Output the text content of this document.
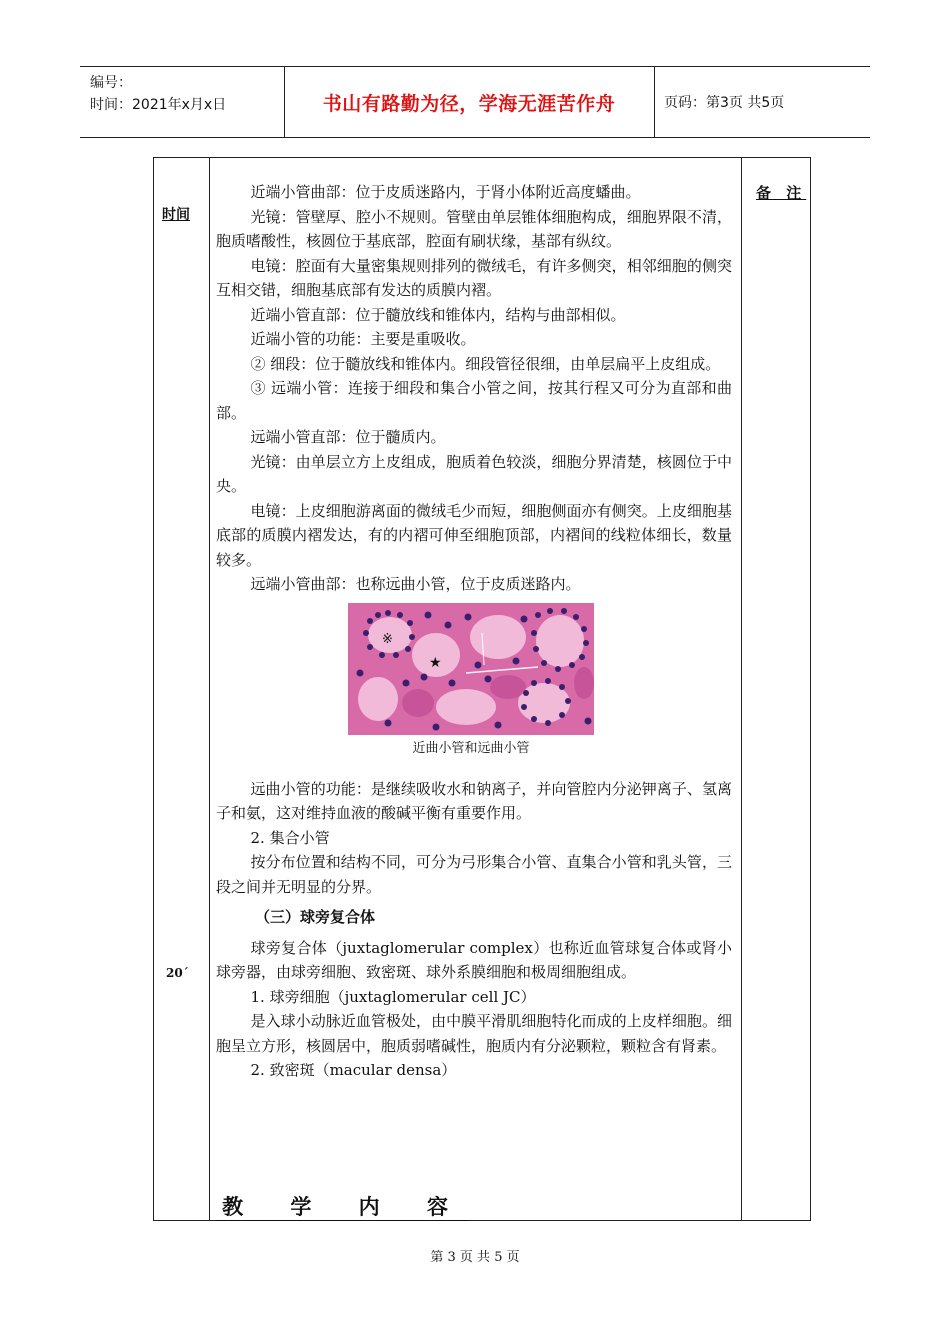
编号：
时间：2021年x月x日	书山有路勤为径，学海无涯苦作舟	页码：第3页 共5页
时间
20´
备 注

近端小管曲部：位于皮质迷路内，于肾小体附近高度蟠曲。

光镜：管壁厚、腔小不规则。管壁由单层锥体细胞构成，细胞界限不清，胞质嗜酸性，核圆位于基底部，腔面有刷状缘，基部有纵纹。

电镜：腔面有大量密集规则排列的微绒毛，有许多侧突，相邻细胞的侧突互相交错，细胞基底部有发达的质膜内褶。

近端小管直部：位于髓放线和锥体内，结构与曲部相似。

近端小管的功能：主要是重吸收。

② 细段：位于髓放线和锥体内。细段管径很细，由单层扁平上皮组成。

③ 远端小管：连接于细段和集合小管之间，按其行程又可分为直部和曲部。

远端小管直部：位于髓质内。

光镜：由单层立方上皮组成，胞质着色较淡，细胞分界清楚，核圆位于中央。

电镜：上皮细胞游离面的微绒毛少而短，细胞侧面亦有侧突。上皮细胞基底部的质膜内褶发达，有的内褶可伸至细胞顶部，内褶间的线粒体细长，数量较多。

远端小管曲部：也称远曲小管，位于皮质迷路内。

※
★
近曲小管和远曲小管

远曲小管的功能：是继续吸收水和钠离子，并向管腔内分泌钾离子、氢离子和氨，这对维持血液的酸碱平衡有重要作用。

2. 集合小管

按分布位置和结构不同，可分为弓形集合小管、直集合小管和乳头管，三段之间并无明显的分界。

（三）球旁复合体

球旁复合体（juxtaglomerular complex）也称近血管球复合体或肾小球旁器，由球旁细胞、致密斑、球外系膜细胞和极周细胞组成。

1. 球旁细胞（juxtaglomerular cell JC）

是入球小动脉近血管极处，由中膜平滑肌细胞特化而成的上皮样细胞。细胞呈立方形，核圆居中，胞质弱嗜碱性，胞质内有分泌颗粒，颗粒含有肾素。

2. 致密斑（macular densa）

教 学 内 容
第 3 页 共 5 页
